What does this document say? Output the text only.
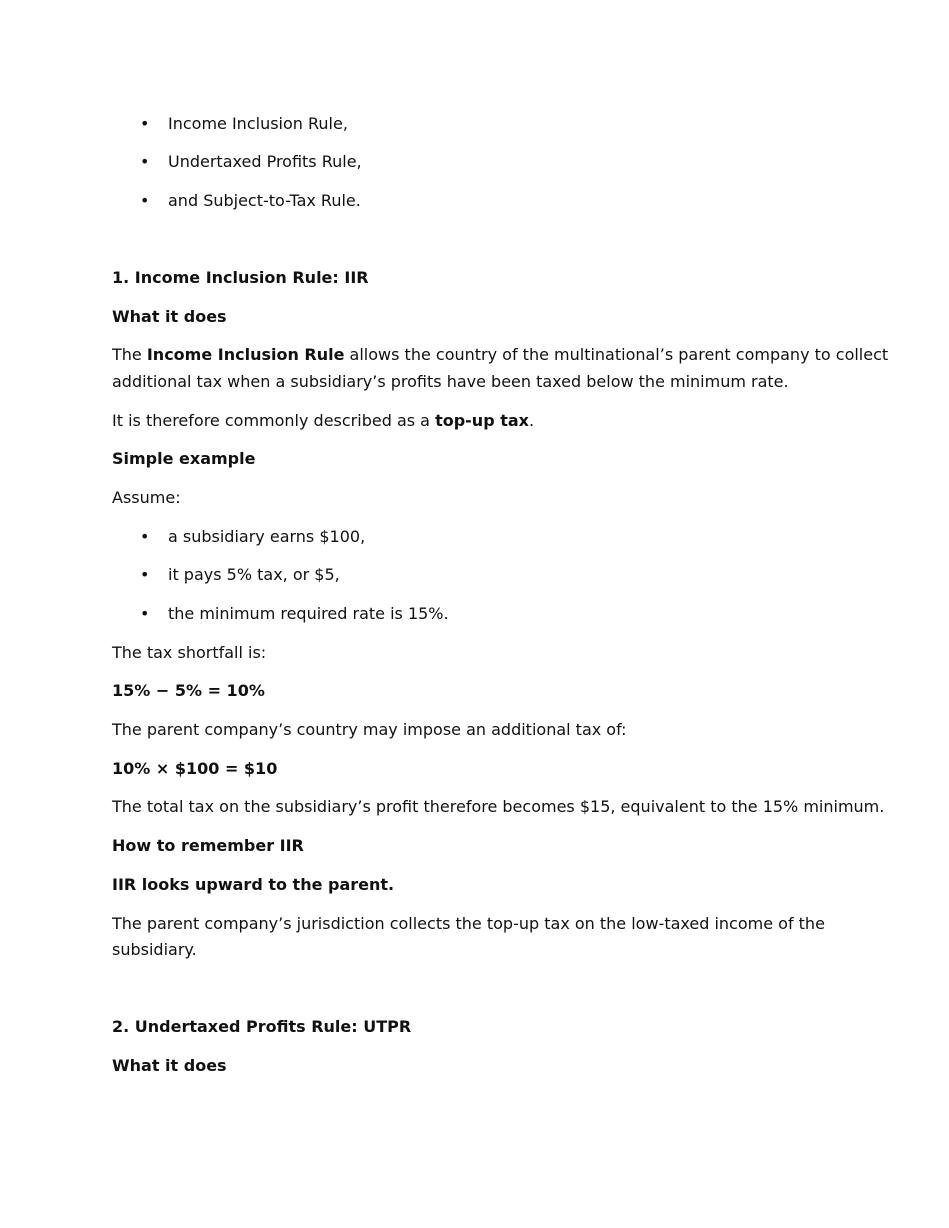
• Income Inclusion Rule,
• Undertaxed Profits Rule,
• and Subject-to-Tax Rule.

1. Income Inclusion Rule: IIR

What it does

The Income Inclusion Rule allows the country of the multinational’s parent company to collect

additional tax when a subsidiary’s profits have been taxed below the minimum rate.

It is therefore commonly described as a top-up tax.

Simple example

Assume:

• a subsidiary earns $100,
• it pays 5% tax, or $5,
• the minimum required rate is 15%.

The tax shortfall is:

15% − 5% = 10%

The parent company’s country may impose an additional tax of:

10% × $100 = $10

The total tax on the subsidiary’s profit therefore becomes $15, equivalent to the 15% minimum.

How to remember IIR

IIR looks upward to the parent.

The parent company’s jurisdiction collects the top-up tax on the low-taxed income of the

subsidiary.

2. Undertaxed Profits Rule: UTPR

What it does
